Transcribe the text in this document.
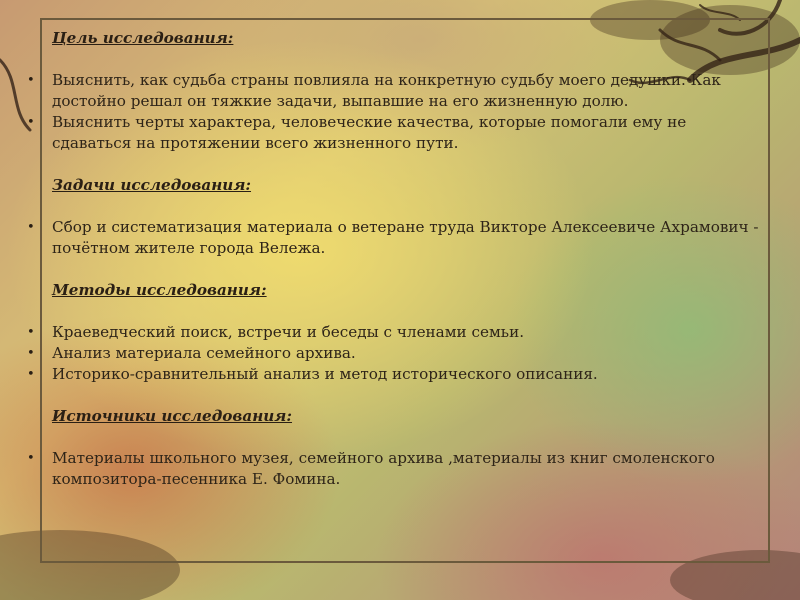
Цель исследования:
•	Выяснить, как судьба страны повлияла на конкретную судьбу моего дедушки. Как достойно решал он тяжкие задачи, выпавшие на его жизненную долю.
•	Выяснить черты характера, человеческие качества, которые помогали ему не сдаваться на протяжении всего жизненного пути.
Задачи исследования:
•	Сбор и систематизация материала о ветеране труда Викторе Алексеевиче Ахрамович - почётном жителе города Вележа.
Методы исследования:
•	Краеведческий поиск, встречи и беседы с членами семьи.
•	Анализ материала семейного архива.
•	Историко-сравнительный анализ и метод исторического описания.
Источники исследования:
•	Материалы школьного музея, семейного архива ,материалы из книг смоленского композитора-песенника Е. Фомина.
